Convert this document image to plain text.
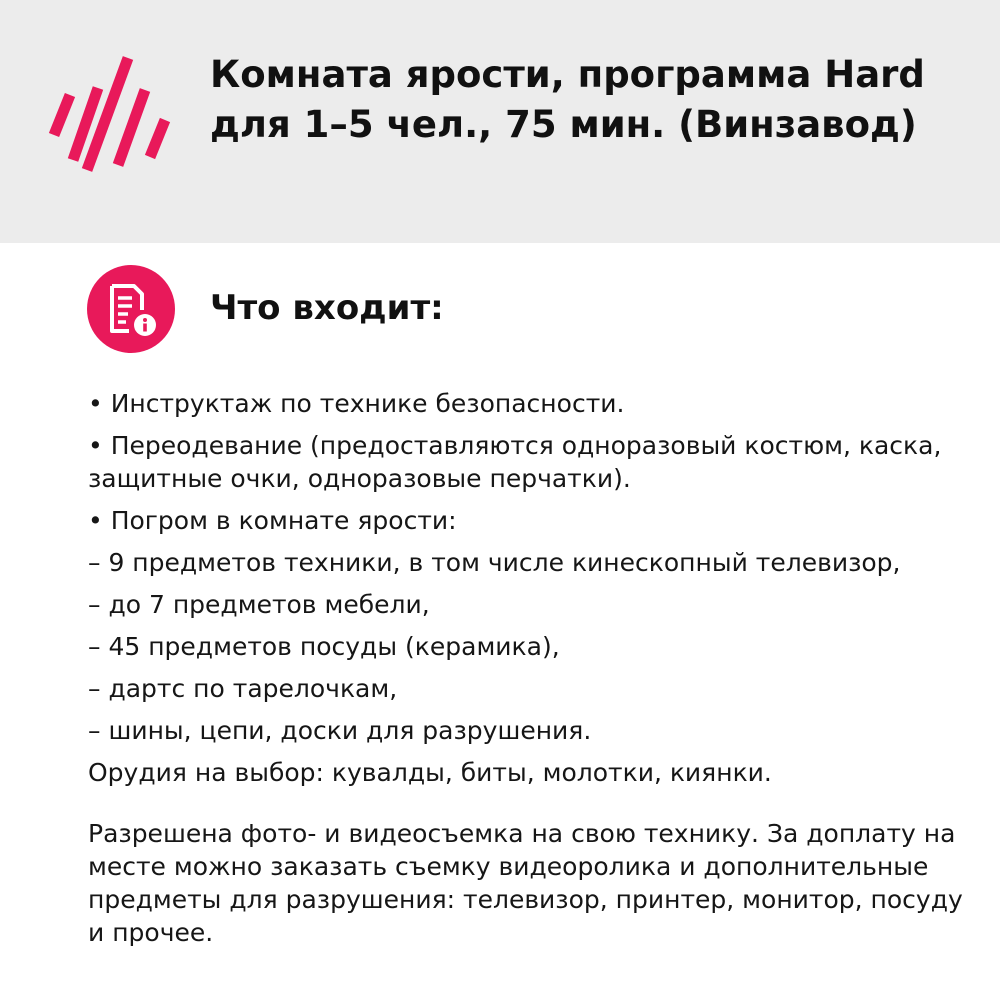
Комната ярости, программа Hard для 1–5 чел., 75 мин. (Винзавод)
Что входит:

• Инструктаж по технике безопасности.

• Переодевание (предоставляются одноразовый костюм, каска, защитные очки, одноразовые перчатки).

• Погром в комнате ярости:

– 9 предметов техники, в том числе кинескопный телевизор,

– до 7 предметов мебели,

– 45 предметов посуды (керамика),

– дартс по тарелочкам,

– шины, цепи, доски для разрушения.

Орудия на выбор: кувалды, биты, молотки, киянки.

Разрешена фото- и видеосъемка на свою технику. За доплату на месте можно заказать съемку видеоролика и дополнительные предметы для разрушения: телевизор, принтер, монитор, посуду и прочее.
